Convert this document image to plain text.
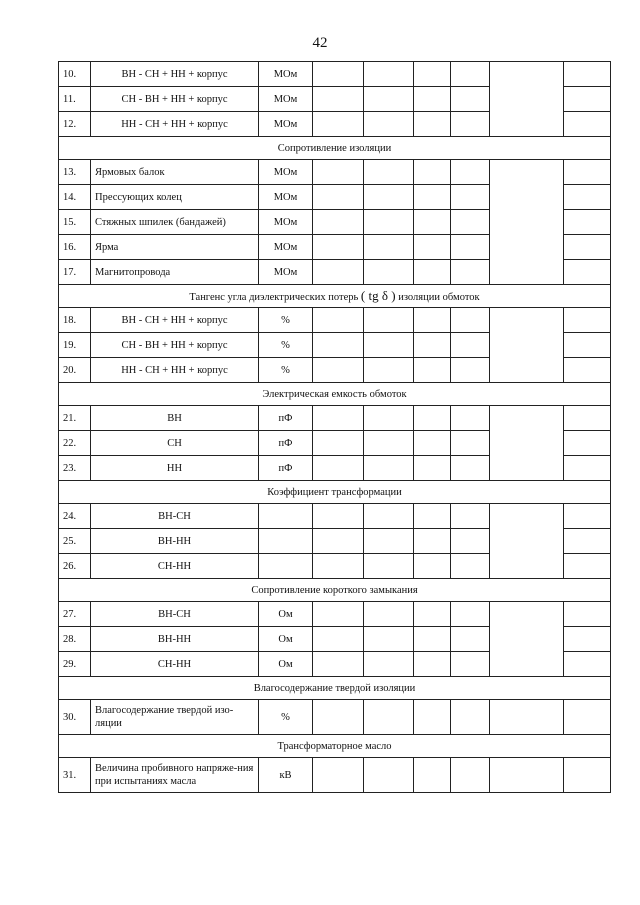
42
10.	ВН - СН + НН + корпус	МОм						
11.	СН - ВН + НН + корпус	МОм						
12.	НН - СН + НН + корпус	МОм						
Сопротивление изоляции								
13.	Ярмовых балок	МОм						
14.	Прессующих колец	МОм						
15.	Стяжных шпилек (бандажей)	МОм						
16.	Ярма	МОм						
17.	Магнитопровода	МОм						
Тангенс угла диэлектрических потерь ( tg δ ) изоляции обмоток								
18.	ВН - СН + НН + корпус	%						
19.	СН - ВН + НН + корпус	%						
20.	НН - СН + НН + корпус	%						
Электрическая емкость обмоток								
21.	ВН	пФ						
22.	СН	пФ						
23.	НН	пФ						
Коэффициент трансформации								
24.	ВН-СН							
25.	ВН-НН							
26.	СН-НН							
Сопротивление короткого замыкания								
27.	ВН-СН	Ом						
28.	ВН-НН	Ом						
29.	СН-НН	Ом						
Влагосодержание твердой изоляции								
30.	Влагосодержание твердой изо-ляции	%						
Трансформаторное масло								
31.	Величина пробивного напряже-ния при испытаниях масла	кВ						
